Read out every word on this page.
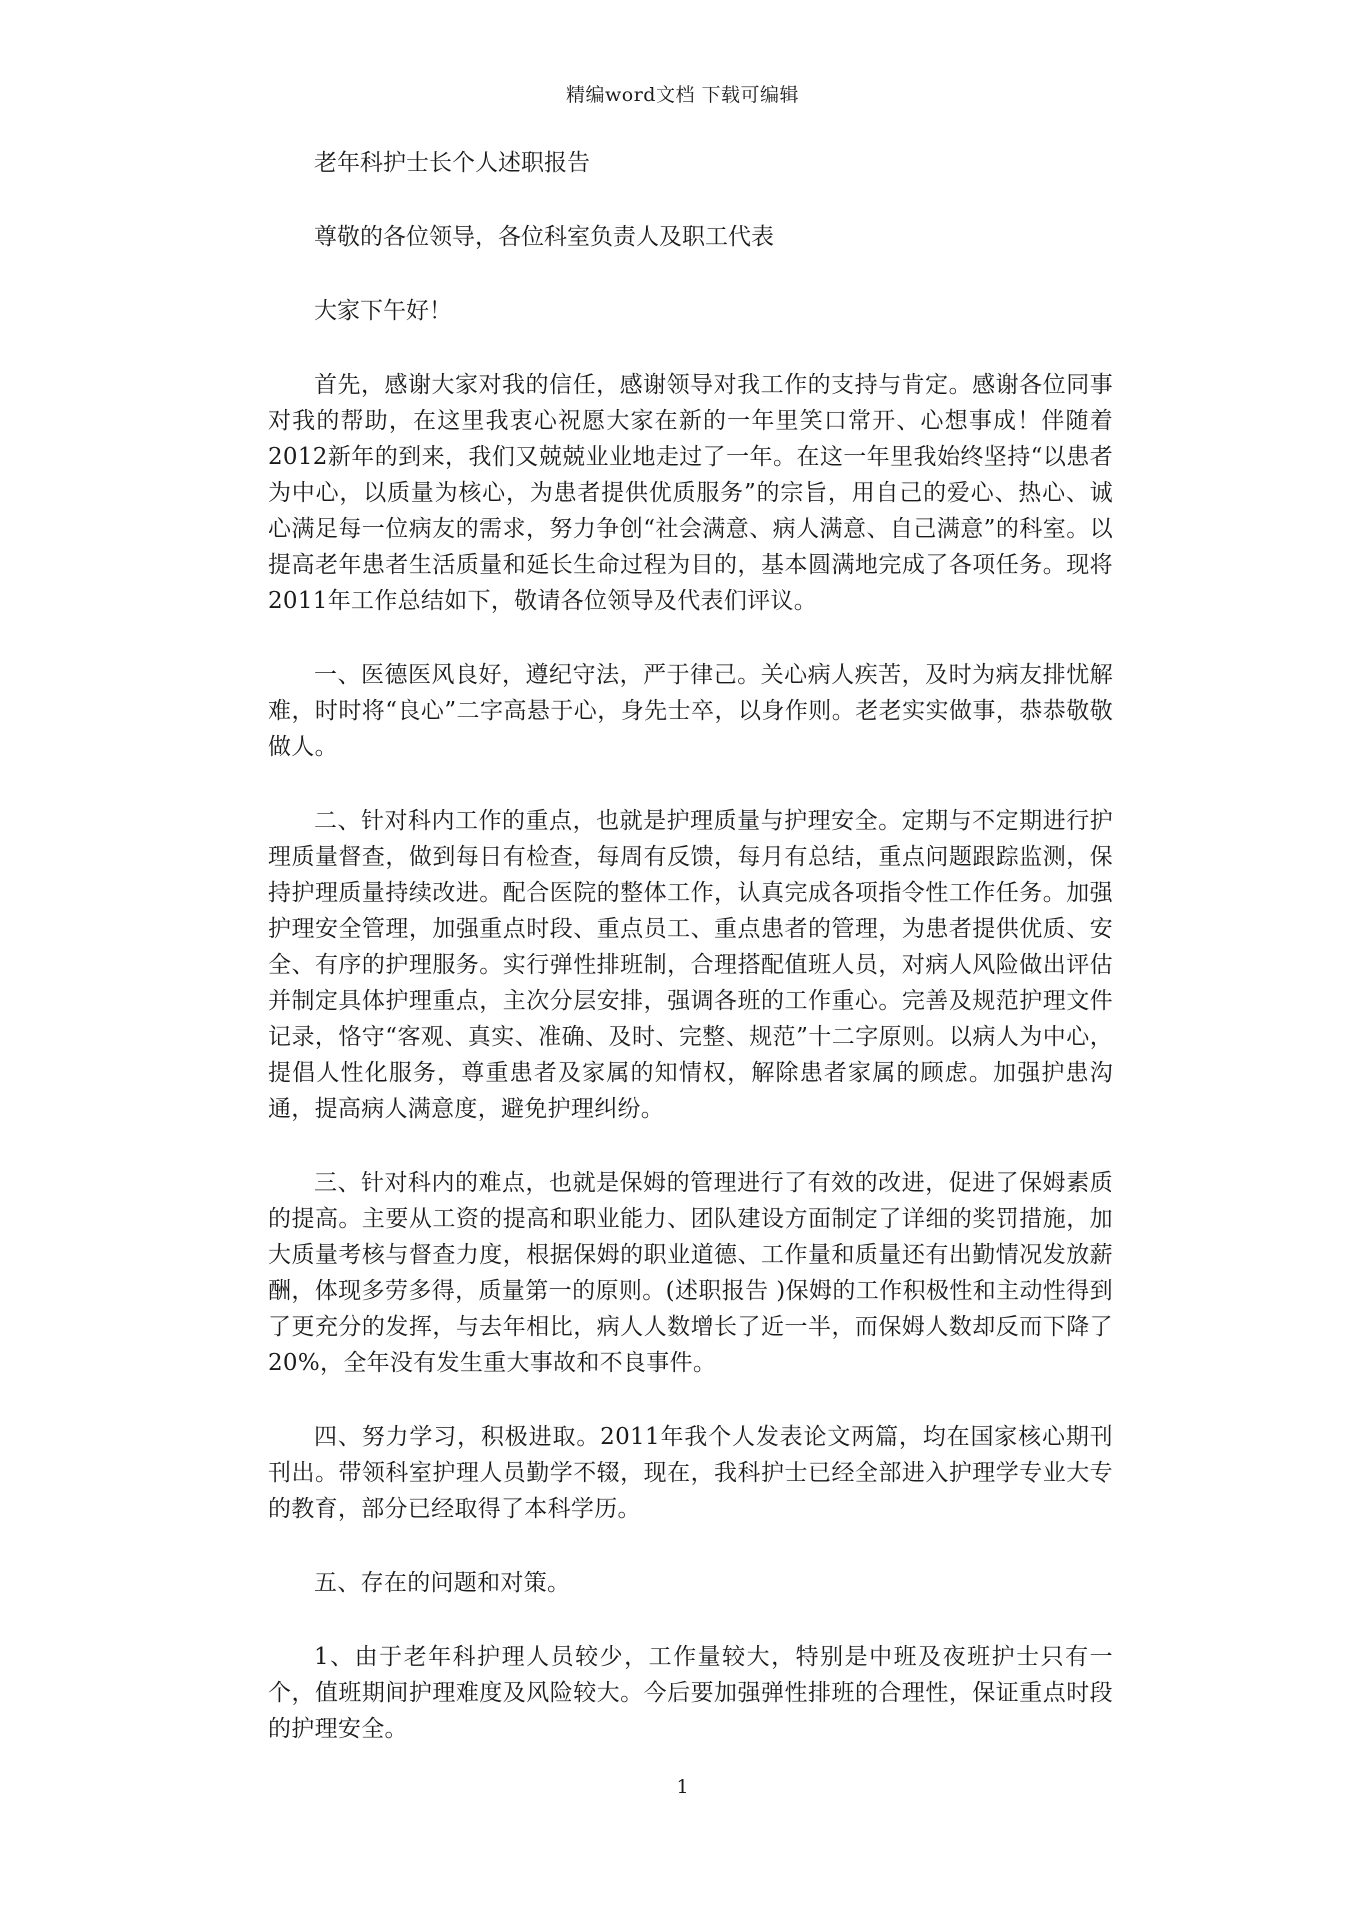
精编word文档 下载可编辑

老年科护士长个人述职报告

尊敬的各位领导，各位科室负责人及职工代表

大家下午好！

首先，感谢大家对我的信任，感谢领导对我工作的支持与肯定。感谢各位同事对我的帮助，在这里我衷心祝愿大家在新的一年里笑口常开、心想事成！伴随着2012新年的到来，我们又兢兢业业地走过了一年。在这一年里我始终坚持“以患者为中心，以质量为核心，为患者提供优质服务”的宗旨，用自己的爱心、热心、诚心满足每一位病友的需求，努力争创“社会满意、病人满意、自己满意”的科室。以提高老年患者生活质量和延长生命过程为目的，基本圆满地完成了各项任务。现将2011年工作总结如下，敬请各位领导及代表们评议。

一、医德医风良好，遵纪守法，严于律己。关心病人疾苦，及时为病友排忧解难，时时将“良心”二字高悬于心，身先士卒，以身作则。老老实实做事，恭恭敬敬做人。

二、针对科内工作的重点，也就是护理质量与护理安全。定期与不定期进行护理质量督查，做到每日有检查，每周有反馈，每月有总结，重点问题跟踪监测，保持护理质量持续改进。配合医院的整体工作，认真完成各项指令性工作任务。加强护理安全管理，加强重点时段、重点员工、重点患者的管理，为患者提供优质、安全、有序的护理服务。实行弹性排班制，合理搭配值班人员，对病人风险做出评估并制定具体护理重点，主次分层安排，强调各班的工作重心。完善及规范护理文件记录，恪守“客观、真实、准确、及时、完整、规范”十二字原则。以病人为中心，提倡人性化服务，尊重患者及家属的知情权，解除患者家属的顾虑。加强护患沟通，提高病人满意度，避免护理纠纷。

三、针对科内的难点，也就是保姆的管理进行了有效的改进，促进了保姆素质的提高。主要从工资的提高和职业能力、团队建设方面制定了详细的奖罚措施，加大质量考核与督查力度，根据保姆的职业道德、工作量和质量还有出勤情况发放薪酬，体现多劳多得，质量第一的原则。(述职报告 )保姆的工作积极性和主动性得到了更充分的发挥，与去年相比，病人人数增长了近一半，而保姆人数却反而下降了20%，全年没有发生重大事故和不良事件。

四、努力学习，积极进取。2011年我个人发表论文两篇，均在国家核心期刊刊出。带领科室护理人员勤学不辍，现在，我科护士已经全部进入护理学专业大专的教育，部分已经取得了本科学历。

五、存在的问题和对策。

1、由于老年科护理人员较少，工作量较大，特别是中班及夜班护士只有一个，值班期间护理难度及风险较大。今后要加强弹性排班的合理性，保证重点时段的护理安全。

1
